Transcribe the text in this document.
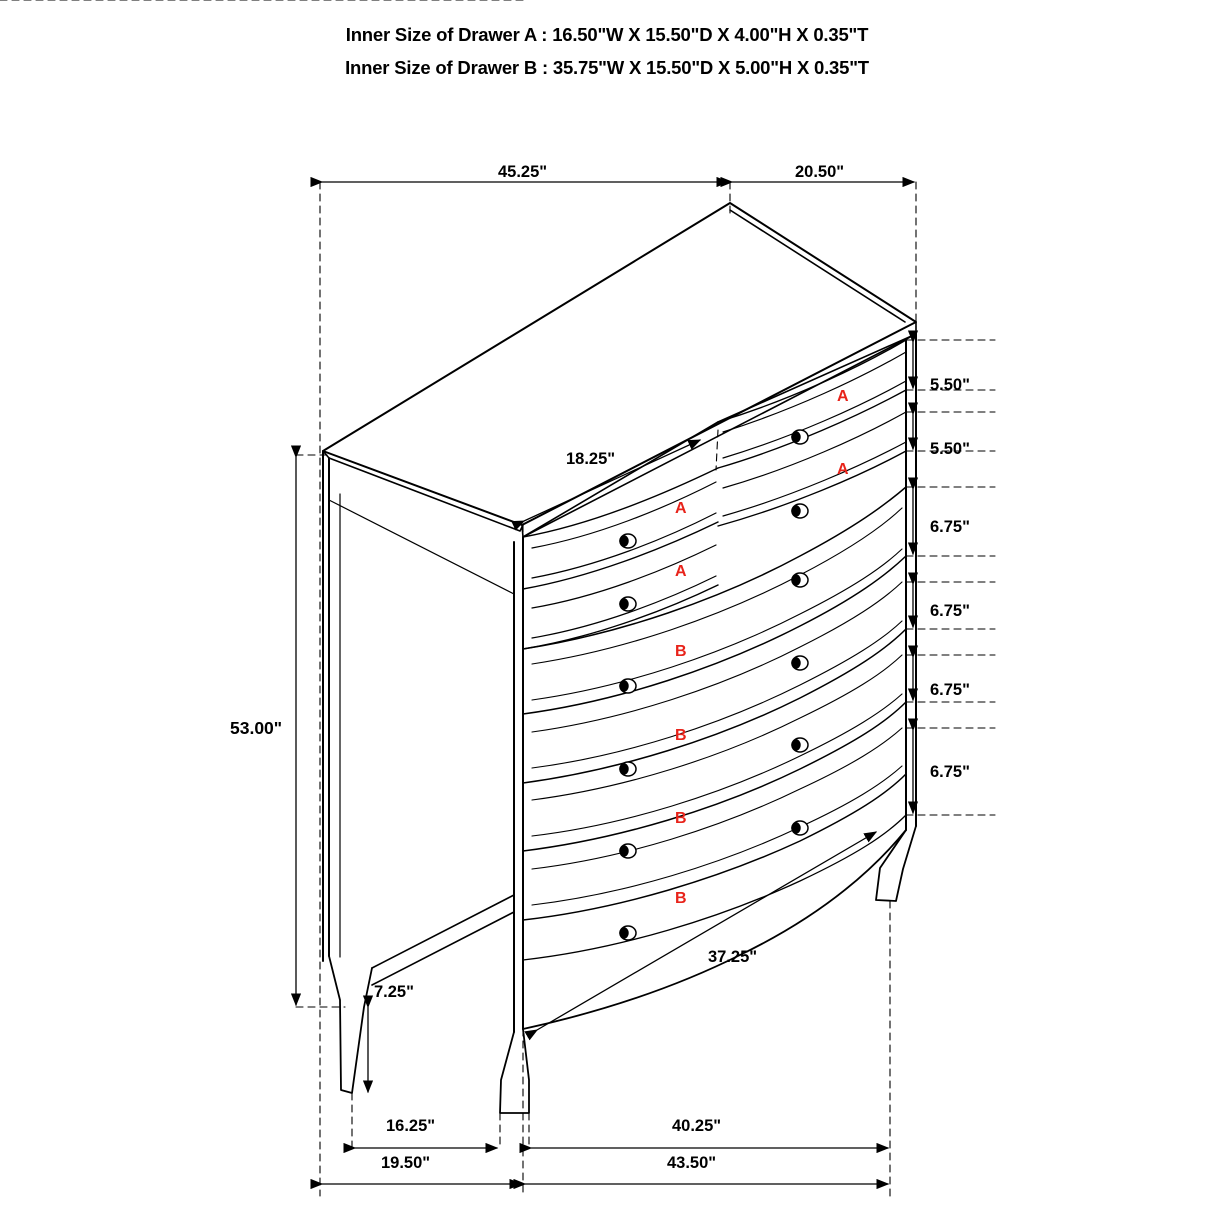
Inner Size of Drawer A : 16.50"W X 15.50"D X 4.00"H X 0.35"T
Inner Size of Drawer B : 35.75"W X 15.50"D X 5.00"H X 0.35"T
45.25"	20.50"
18.25"
53.00"
7.25"
37.25"
16.25"	40.25"
19.50"	43.50"
5.50"
5.50"
6.75"
6.75"
6.75"
6.75"
A
A
A
A
B
B
B
B
